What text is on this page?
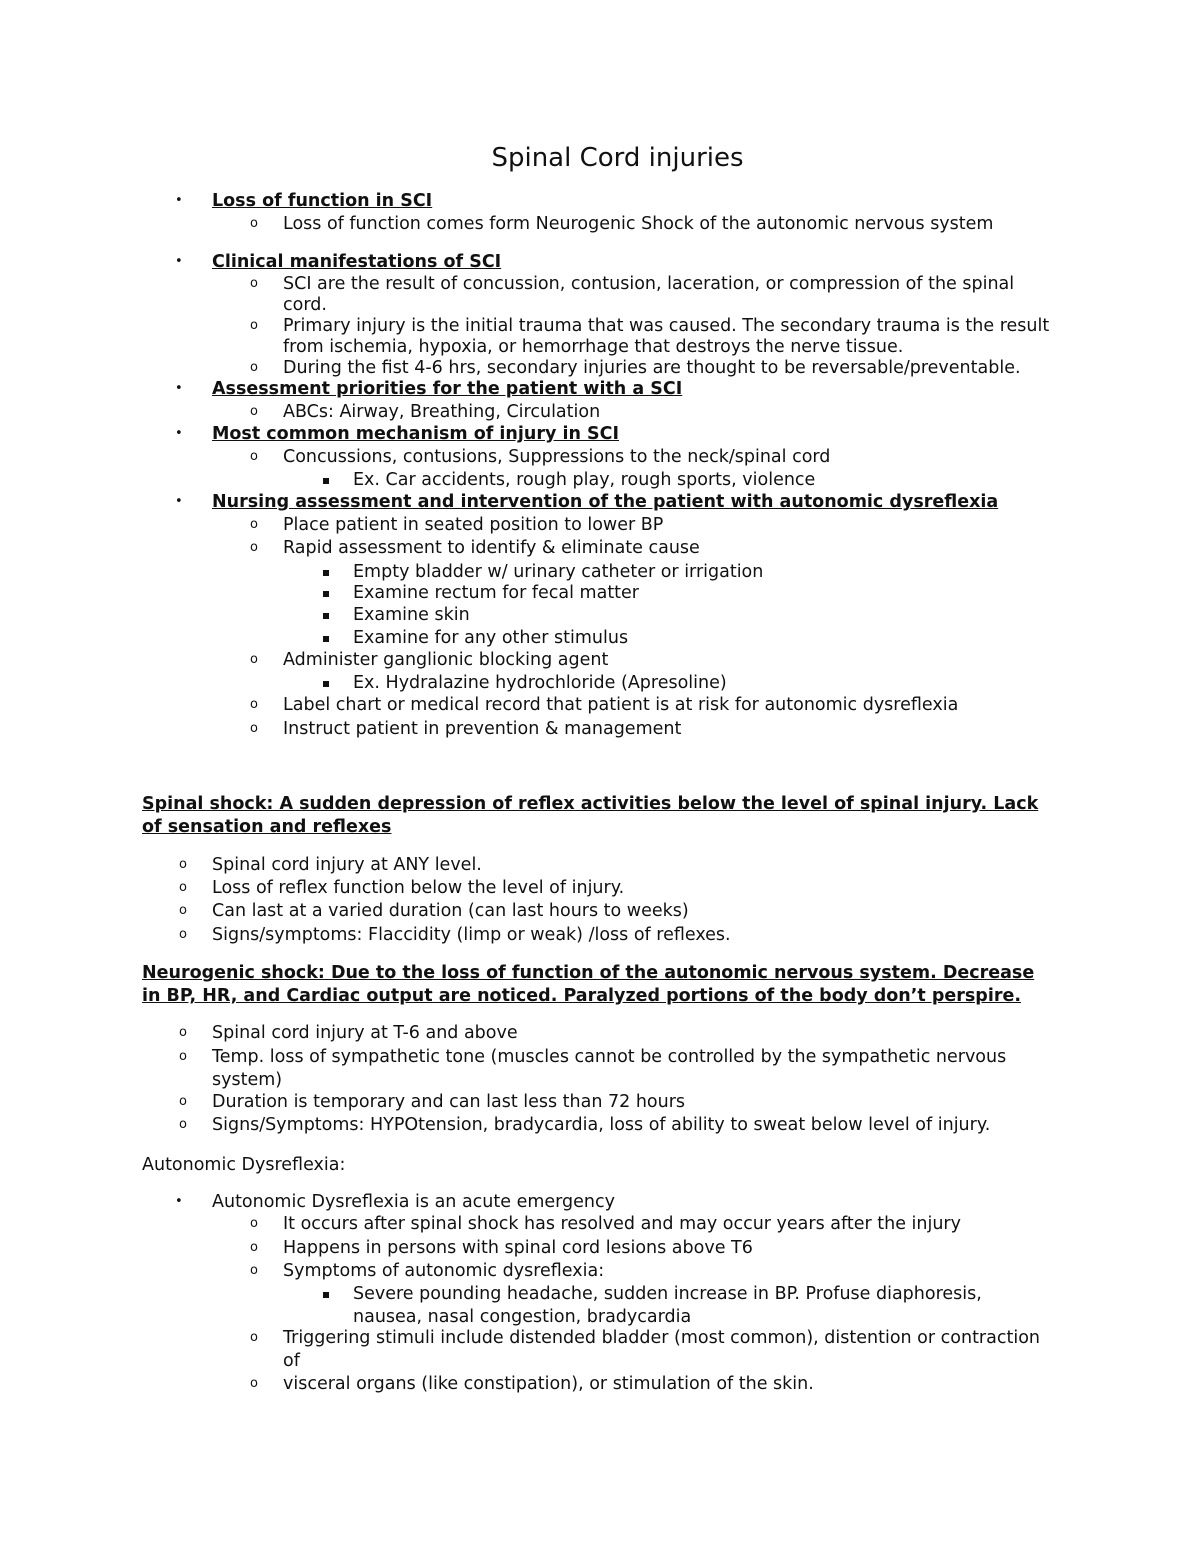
Spinal Cord injuries
Loss of function in SCI
•
Loss of function comes form Neurogenic Shock of the autonomic nervous system
o
Clinical manifestations of SCI
•
SCI are the result of concussion, contusion, laceration, or compression of the spinal
o
cord.
Primary injury is the initial trauma that was caused. The secondary trauma is the result
o
from ischemia, hypoxia, or hemorrhage that destroys the nerve tissue.
During the fist 4-6 hrs, secondary injuries are thought to be reversable/preventable.
o
Assessment priorities for the patient with a SCI
•
ABCs: Airway, Breathing, Circulation
o
Most common mechanism of injury in SCI
•
Concussions, contusions, Suppressions to the neck/spinal cord
o
Ex. Car accidents, rough play, rough sports, violence
Nursing assessment and intervention of the patient with autonomic dysreflexia
•
Place patient in seated position to lower BP
o
Rapid assessment to identify & eliminate cause
o
Empty bladder w/ urinary catheter or irrigation
Examine rectum for fecal matter
Examine skin
Examine for any other stimulus
Administer ganglionic blocking agent
o
Ex. Hydralazine hydrochloride (Apresoline)
Label chart or medical record that patient is at risk for autonomic dysreflexia
o
Instruct patient in prevention & management
o
Spinal shock: A sudden depression of reflex activities below the level of spinal injury. Lack
of sensation and reflexes
Spinal cord injury at ANY level.
o
Loss of reflex function below the level of injury.
o
Can last at a varied duration (can last hours to weeks)
o
Signs/symptoms: Flaccidity (limp or weak) /loss of reflexes.
o
Neurogenic shock: Due to the loss of function of the autonomic nervous system. Decrease
in BP, HR, and Cardiac output are noticed. Paralyzed portions of the body don’t perspire.
Spinal cord injury at T-6 and above
o
Temp. loss of sympathetic tone (muscles cannot be controlled by the sympathetic nervous
o
system)
Duration is temporary and can last less than 72 hours
o
Signs/Symptoms: HYPOtension, bradycardia, loss of ability to sweat below level of injury.
o
Autonomic Dysreflexia:
Autonomic Dysreflexia is an acute emergency
•
It occurs after spinal shock has resolved and may occur years after the injury
o
Happens in persons with spinal cord lesions above T6
o
Symptoms of autonomic dysreflexia:
o
Severe pounding headache, sudden increase in BP. Profuse diaphoresis,
nausea, nasal congestion, bradycardia
Triggering stimuli include distended bladder (most common), distention or contraction
o
of
visceral organs (like constipation), or stimulation of the skin.
o
